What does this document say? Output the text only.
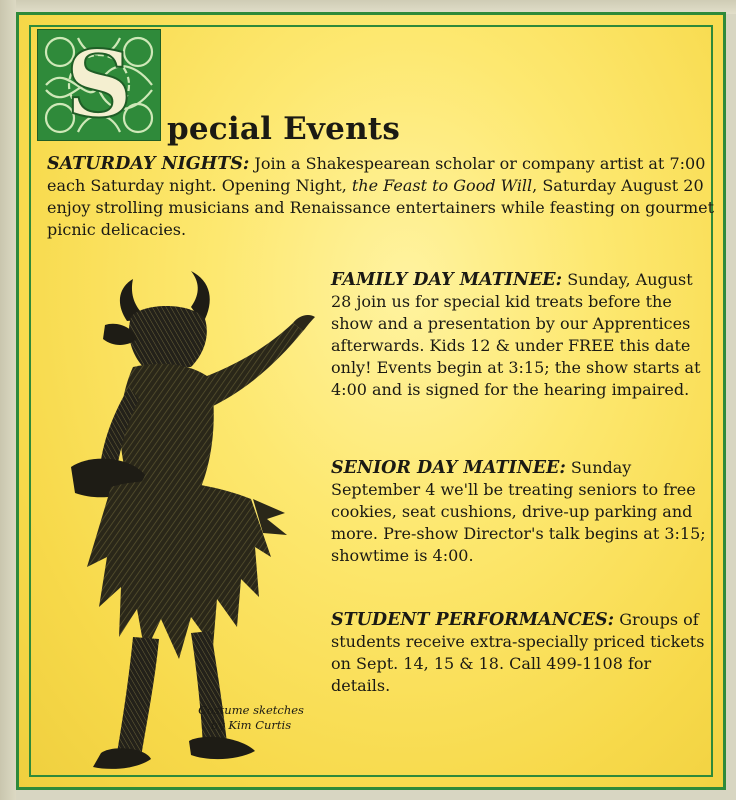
S pecial Events
SATURDAY NIGHTS: Join a Shakespearean scholar or company artist at 7:00 each Saturday night. Opening Night, the Feast to Good Will, Saturday August 20 enjoy strolling musicians and Renaissance entertainers while feasting on gourmet picnic delicacies.
Costume sketches
by Kim Curtis
FAMILY DAY MATINEE: Sunday, August 28 join us for special kid treats before the show and a presentation by our Apprentices afterwards. Kids 12 & under FREE this date only! Events begin at 3:15; the show starts at 4:00 and is signed for the hearing impaired.
SENIOR DAY MATINEE: Sunday September 4 we'll be treating seniors to free cookies, seat cushions, drive-up parking and more. Pre-show Director's talk begins at 3:15; showtime is 4:00.
STUDENT PERFORMANCES: Groups of students receive extra-specially priced tickets on Sept. 14, 15 & 18. Call 499-1108 for details.
